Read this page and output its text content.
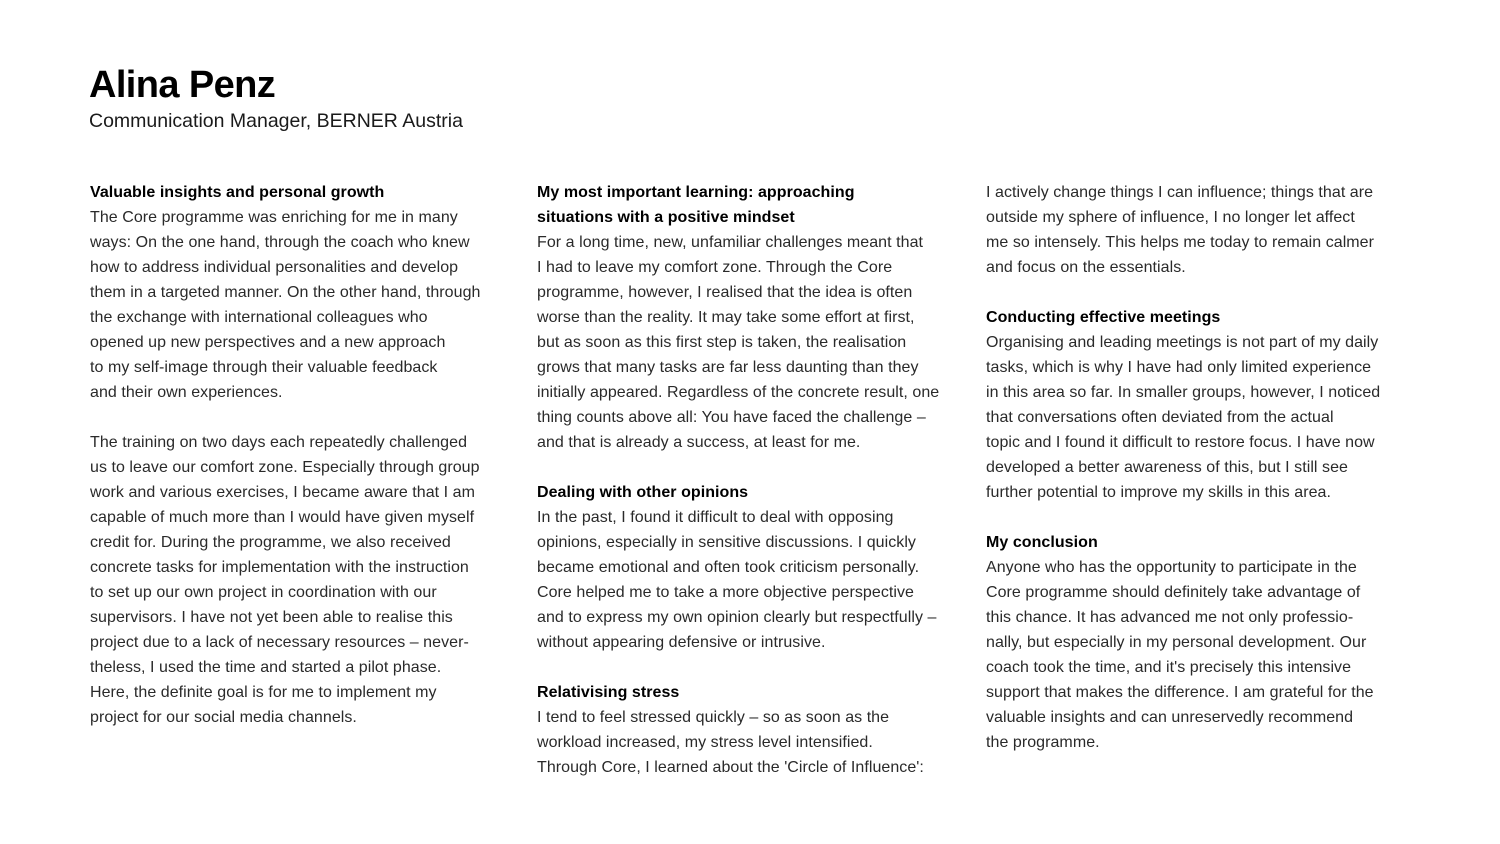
Alina Penz

Communication Manager, BERNER Austria

Valuable insights and personal growth

The Core programme was enriching for me in many
ways: On the one hand, through the coach who knew
how to address individual personalities and develop
them in a targeted manner. On the other hand, through
the exchange with international colleagues who
opened up new perspectives and a new approach
to my self-image through their valuable feedback
and their own experiences.

The training on two days each repeatedly challenged
us to leave our comfort zone. Especially through group
work and various exercises, I became aware that I am
capable of much more than I would have given myself
credit for. During the programme, we also received
concrete tasks for implementation with the instruction
to set up our own project in coordination with our
supervisors. I have not yet been able to realise this
project due to a lack of necessary resources – never-
theless, I used the time and started a pilot phase.
Here, the definite goal is for me to implement my
project for our social media channels.

My most important learning: approaching
situations with a positive mindset

For a long time, new, unfamiliar challenges meant that
I had to leave my comfort zone. Through the Core
programme, however, I realised that the idea is often
worse than the reality. It may take some effort at first,
but as soon as this first step is taken, the realisation
grows that many tasks are far less daunting than they
initially appeared. Regardless of the concrete result, one
thing counts above all: You have faced the challenge –
and that is already a success, at least for me.

Dealing with other opinions

In the past, I found it difficult to deal with opposing
opinions, especially in sensitive discussions. I quickly
became emotional and often took criticism personally.
Core helped me to take a more objective perspective
and to express my own opinion clearly but respectfully –
without appearing defensive or intrusive.

Relativising stress

I tend to feel stressed quickly – so as soon as the
workload increased, my stress level intensified.
Through Core, I learned about the 'Circle of Influence':

I actively change things I can influence; things that are
outside my sphere of influence, I no longer let affect
me so intensely. This helps me today to remain calmer
and focus on the essentials.

Conducting effective meetings

Organising and leading meetings is not part of my daily
tasks, which is why I have had only limited experience
in this area so far. In smaller groups, however, I noticed
that conversations often deviated from the actual
topic and I found it difficult to restore focus. I have now
developed a better awareness of this, but I still see
further potential to improve my skills in this area.

My conclusion

Anyone who has the opportunity to participate in the
Core programme should definitely take advantage of
this chance. It has advanced me not only professio-
nally, but especially in my personal development. Our
coach took the time, and it's precisely this intensive
support that makes the difference. I am grateful for the
valuable insights and can unreservedly recommend
the programme.
